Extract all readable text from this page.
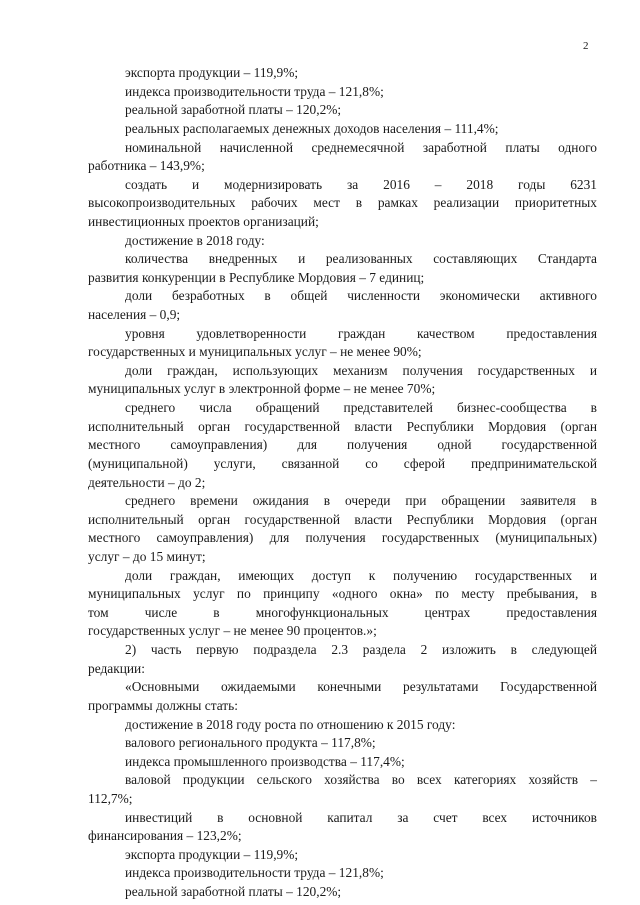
2
экспорта продукции – 119,9%;
индекса производительности труда – 121,8%;
реальной заработной платы – 120,2%;
реальных располагаемых денежных доходов населения – 111,4%;
номинальной начисленной среднемесячной заработной платы одного
работника – 143,9%;
создать и модернизировать за 2016 – 2018 годы 6231
высокопроизводительных рабочих мест в рамках реализации приоритетных
инвестиционных проектов организаций;
достижение в 2018 году:
количества внедренных и реализованных составляющих Стандарта
развития конкуренции в Республике Мордовия – 7 единиц;
доли безработных в общей численности экономически активного
населения – 0,9;
уровня удовлетворенности граждан качеством предоставления
государственных и муниципальных услуг – не менее 90%;
доли граждан, использующих механизм получения государственных и
муниципальных услуг в электронной форме – не менее 70%;
среднего числа обращений представителей бизнес-сообщества в
исполнительный орган государственной власти Республики Мордовия (орган
местного самоуправления) для получения одной государственной
(муниципальной) услуги, связанной со сферой предпринимательской
деятельности – до 2;
среднего времени ожидания в очереди при обращении заявителя в
исполнительный орган государственной власти Республики Мордовия (орган
местного самоуправления) для получения государственных (муниципальных)
услуг – до 15 минут;
доли граждан, имеющих доступ к получению государственных и
муниципальных услуг по принципу «одного окна» по месту пребывания, в
том числе в многофункциональных центрах предоставления
государственных услуг – не менее 90 процентов.»;
2) часть первую подраздела 2.3 раздела 2 изложить в следующей
редакции:
«Основными ожидаемыми конечными результатами Государственной
программы должны стать:
достижение в 2018 году роста по отношению к 2015 году:
валового регионального продукта – 117,8%;
индекса промышленного производства – 117,4%;
валовой продукции сельского хозяйства во всех категориях хозяйств –
112,7%;
инвестиций в основной капитал за счет всех источников
финансирования – 123,2%;
экспорта продукции – 119,9%;
индекса производительности труда – 121,8%;
реальной заработной платы – 120,2%;
